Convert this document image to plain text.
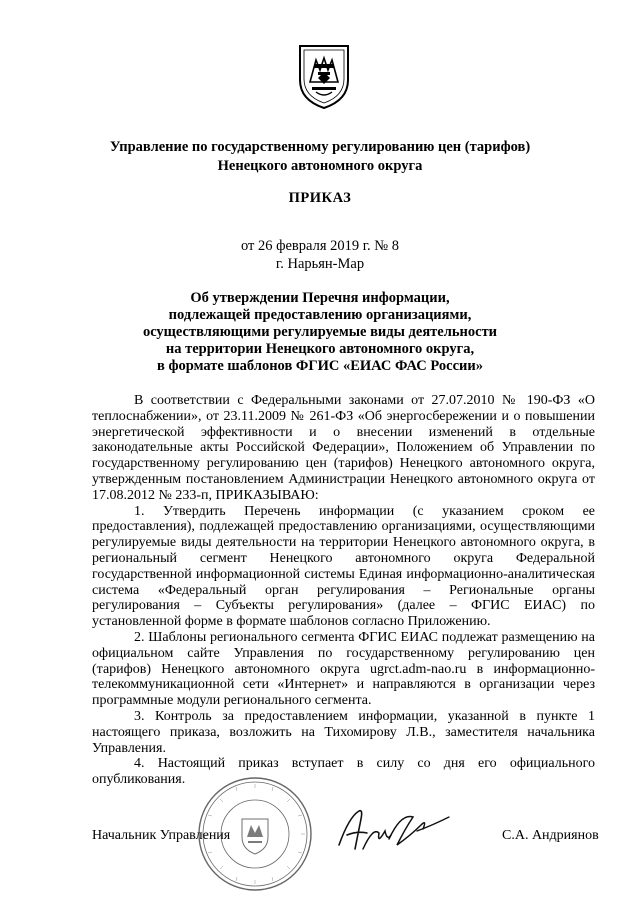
Управление по государственному регулированию цен (тарифов)
Ненецкого автономного округа
ПРИКАЗ
от 26 февраля 2019 г. № 8
г. Нарьян-Мар
Об утверждении Перечня информации,
подлежащей предоставлению организациями,
осуществляющими регулируемые виды деятельности
на территории Ненецкого автономного округа,
в формате шаблонов ФГИС «ЕИАС ФАС России»

В соответствии с Федеральными законами от 27.07.2010 № 190-ФЗ «О теплоснабжении», от 23.11.2009 № 261-ФЗ «Об энергосбережении и о повышении энергетической эффективности и о внесении изменений в отдельные законодательные акты Российской Федерации», Положением об Управлении по государственному регулированию цен (тарифов) Ненецкого автономного округа, утвержденным постановлением Администрации Ненецкого автономного округа от 17.08.2012 № 233-п, ПРИКАЗЫВАЮ:

1. Утвердить Перечень информации (с указанием сроком ее предоставления), подлежащей предоставлению организациями, осуществляющими регулируемые виды деятельности на территории Ненецкого автономного округа, в региональный сегмент Ненецкого автономного округа Федеральной государственной информационной системы Единая информационно-аналитическая система «Федеральный орган регулирования – Региональные органы регулирования – Субъекты регулирования» (далее – ФГИС ЕИАС) по установленной форме в формате шаблонов согласно Приложению.

2. Шаблоны регионального сегмента ФГИС ЕИАС подлежат размещению на официальном сайте Управления по государственному регулированию цен (тарифов) Ненецкого автономного округа ugrct.adm-nao.ru в информационно-телекоммуникационной сети «Интернет» и направляются в организации через программные модули регионального сегмента.

3. Контроль за предоставлением информации, указанной в пункте 1 настоящего приказа, возложить на Тихомирову Л.В., заместителя начальника Управления.

4. Настоящий приказ вступает в силу со дня его официального опубликования.

Начальник Управления	С.А. Андриянов
